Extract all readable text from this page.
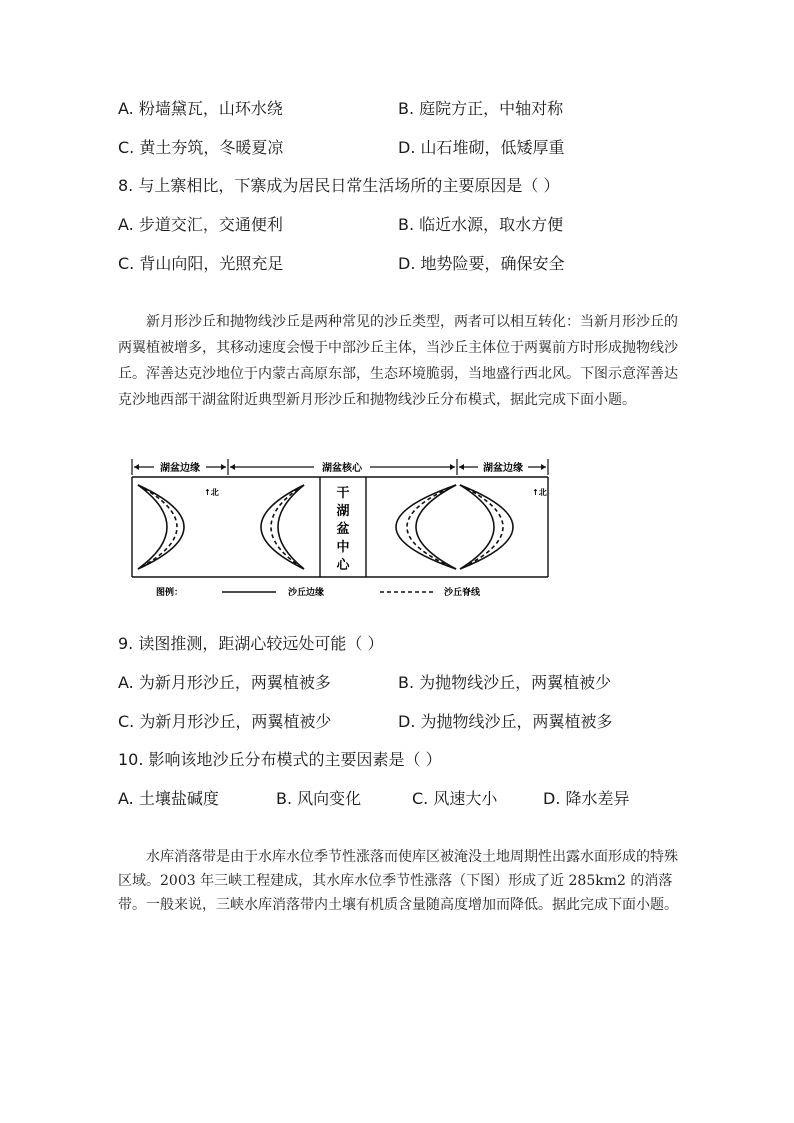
A. 粉墙黛瓦，山环水绕	B. 庭院方正，中轴对称
C. 黄土夯筑，冬暖夏凉	D. 山石堆砌，低矮厚重
8. 与上寨相比，下寨成为居民日常生活场所的主要原因是（ ）
A. 步道交汇，交通便利	B. 临近水源，取水方便
C. 背山向阳，光照充足	D. 地势险要，确保安全
新月形沙丘和抛物线沙丘是两种常见的沙丘类型，两者可以相互转化：当新月形沙丘的两翼植被增多，其移动速度会慢于中部沙丘主体，当沙丘主体位于两翼前方时形成抛物线沙丘。浑善达克沙地位于内蒙古高原东部，生态环境脆弱，当地盛行西北风。下图示意浑善达克沙地西部干湖盆附近典型新月形沙丘和抛物线沙丘分布模式，据此完成下面小题。
湖盆边缘	湖盆核心	湖盆边缘
干
湖
盆
中
心
↑北	↑北
图例：	沙丘边缘	沙丘脊线
9. 读图推测，距湖心较远处可能（ ）
A. 为新月形沙丘，两翼植被多	B. 为抛物线沙丘，两翼植被少
C. 为新月形沙丘，两翼植被少	D. 为抛物线沙丘，两翼植被多
10. 影响该地沙丘分布模式的主要因素是（ ）
A. 土壤盐碱度	B. 风向变化	C. 风速大小	D. 降水差异
水库消落带是由于水库水位季节性涨落而使库区被淹没土地周期性出露水面形成的特殊区域。2003 年三峡工程建成，其水库水位季节性涨落（下图）形成了近 285km2 的消落带。一般来说，三峡水库消落带内土壤有机质含量随高度增加而降低。据此完成下面小题。
